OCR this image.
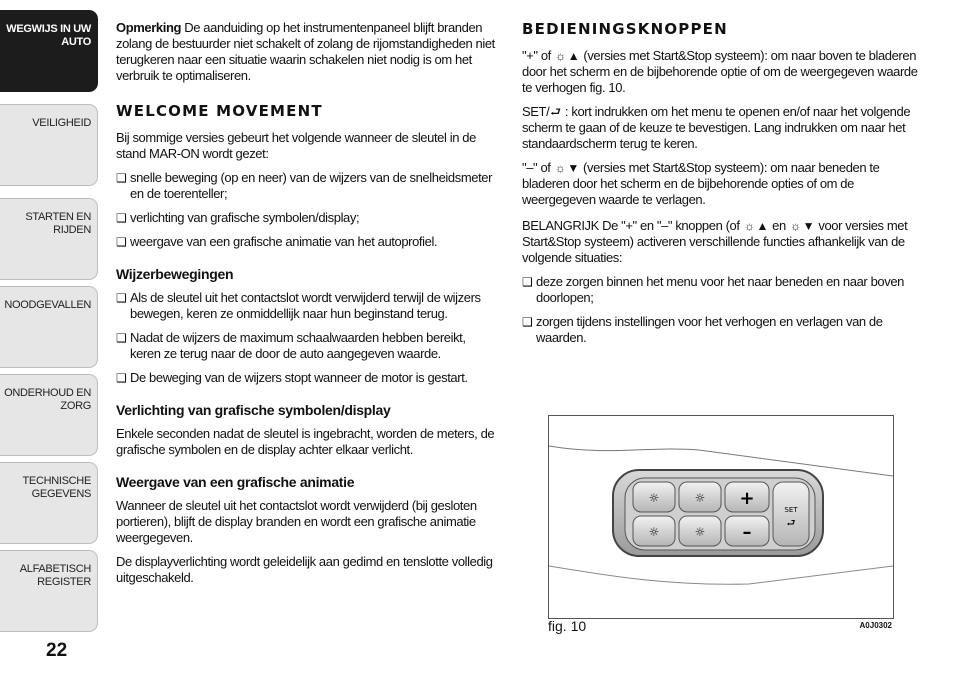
WEGWIJS IN UW AUTO
VEILIGHEID
STARTEN EN RIJDEN
NOODGEVALLEN
ONDERHOUD EN ZORG
TECHNISCHE GEGEVENS
ALFABETISCH REGISTER
22

Opmerking De aanduiding op het instrumentenpaneel blijft branden zolang de bestuurder niet schakelt of zolang de rijomstandigheden niet terugkeren naar een situatie waarin schakelen niet nodig is om het verbruik te optimaliseren.

WELCOME MOVEMENT

Bij sommige versies gebeurt het volgende wanneer de sleutel in de stand MAR-ON wordt gezet:

❑ snelle beweging (op en neer) van de wijzers van de snelheidsmeter en de toerenteller;
❑ verlichting van grafische symbolen/display;
❑ weergave van een grafische animatie van het autoprofiel.
Wijzerbewegingen
❑ Als de sleutel uit het contactslot wordt verwijderd terwijl de wijzers bewegen, keren ze onmiddellijk naar hun beginstand terug.
❑ Nadat de wijzers de maximum schaalwaarden hebben bereikt, keren ze terug naar de door de auto aangegeven waarde.
❑ De beweging van de wijzers stopt wanneer de motor is gestart.
Verlichting van grafische symbolen/display

Enkele seconden nadat de sleutel is ingebracht, worden de meters, de grafische symbolen en de display achter elkaar verlicht.

Weergave van een grafische animatie

Wanneer de sleutel uit het contactslot wordt verwijderd (bij gesloten portieren), blijft de display branden en wordt een grafische animatie weergegeven.

De displayverlichting wordt geleidelijk aan gedimd en tenslotte volledig uitgeschakeld.

BEDIENINGSKNOPPEN

"+" of ☼ ▲ (versies met Start&Stop systeem): om naar boven te bladeren door het scherm en de bijbehorende optie of om de weergegeven waarde te verhogen fig. 10.

SET/⮐ : kort indrukken om het menu te openen en/of naar het volgende scherm te gaan of de keuze te bevestigen. Lang indrukken om naar het standaardscherm terug te keren.

"–" of ☼ ▼ (versies met Start&Stop systeem): om naar beneden te bladeren door het scherm en de bijbehorende opties of om de weergegeven waarde te verlagen.

BELANGRIJK De "+" en "–" knoppen (of ☼ ▲ en ☼ ▼ voor versies met Start&Stop systeem) activeren verschillende functies afhankelijk van de volgende situaties:

❑ deze zorgen binnen het menu voor het naar beneden en naar boven doorlopen;
❑ zorgen tijdens instellingen voor het verhogen en verlagen van de waarden.
☼
☼
☼
☼
+
–
SET
⮐
fig. 10	A0J0302
